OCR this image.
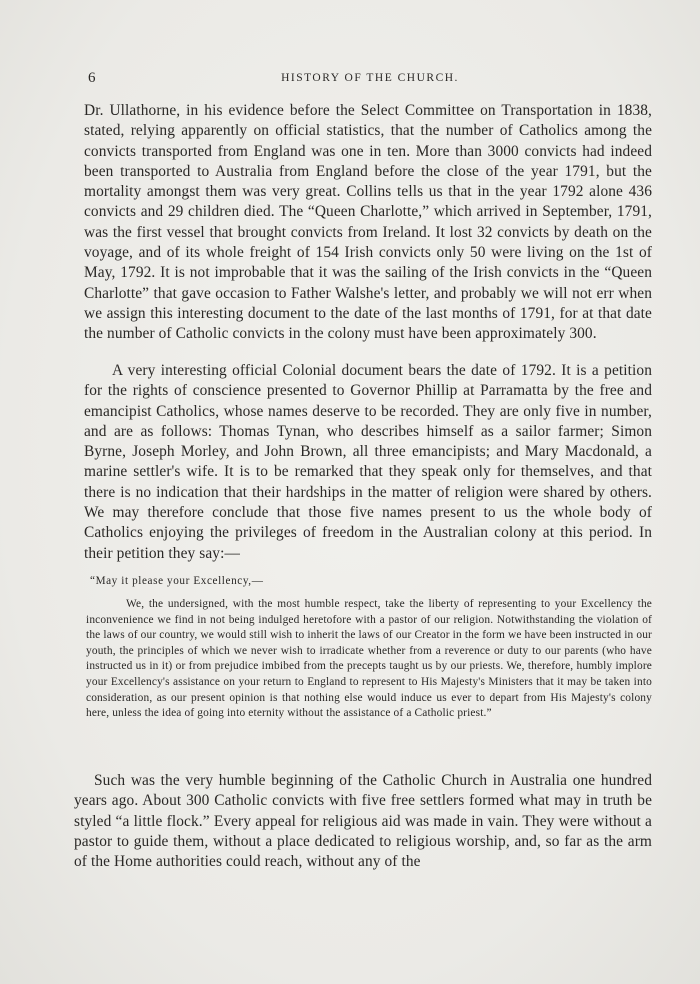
6	HISTORY OF THE CHURCH.

Dr. Ullathorne, in his evidence before the Select Committee on Transportation in 1838, stated, relying apparently on official statistics, that the number of Catholics among the convicts transported from England was one in ten. More than 3000 convicts had indeed been transported to Australia from England before the close of the year 1791, but the mortality amongst them was very great. Collins tells us that in the year 1792 alone 436 convicts and 29 children died. The “Queen Charlotte,” which arrived in September, 1791, was the first vessel that brought convicts from Ireland. It lost 32 convicts by death on the voyage, and of its whole freight of 154 Irish convicts only 50 were living on the 1st of May, 1792. It is not improbable that it was the sailing of the Irish convicts in the “Queen Charlotte” that gave occasion to Father Walshe's letter, and probably we will not err when we assign this interesting document to the date of the last months of 1791, for at that date the number of Catholic convicts in the colony must have been approximately 300.

A very interesting official Colonial document bears the date of 1792. It is a petition for the rights of conscience presented to Governor Phillip at Parramatta by the free and emancipist Catholics, whose names deserve to be recorded. They are only five in number, and are as follows: Thomas Tynan, who describes himself as a sailor farmer; Simon Byrne, Joseph Morley, and John Brown, all three emancipists; and Mary Macdonald, a marine settler's wife. It is to be remarked that they speak only for themselves, and that there is no indication that their hardships in the matter of religion were shared by others. We may therefore conclude that those five names present to us the whole body of Catholics enjoying the privileges of freedom in the Australian colony at this period. In their petition they say:—

“May it please your Excellency,—

We, the undersigned, with the most humble respect, take the liberty of representing to your Excellency the inconvenience we find in not being indulged heretofore with a pastor of our religion. Notwithstanding the violation of the laws of our country, we would still wish to inherit the laws of our Creator in the form we have been instructed in our youth, the principles of which we never wish to irradicate whether from a reverence or duty to our parents (who have instructed us in it) or from prejudice imbibed from the precepts taught us by our priests. We, therefore, humbly implore your Excellency's assistance on your return to England to represent to His Majesty's Ministers that it may be taken into consideration, as our present opinion is that nothing else would induce us ever to depart from His Majesty's colony here, unless the idea of going into eternity without the assistance of a Catholic priest.”

Such was the very humble beginning of the Catholic Church in Australia one hundred years ago. About 300 Catholic convicts with five free settlers formed what may in truth be styled “a little flock.” Every appeal for religious aid was made in vain. They were without a pastor to guide them, without a place dedicated to religious worship, and, so far as the arm of the Home authorities could reach, without any of the
